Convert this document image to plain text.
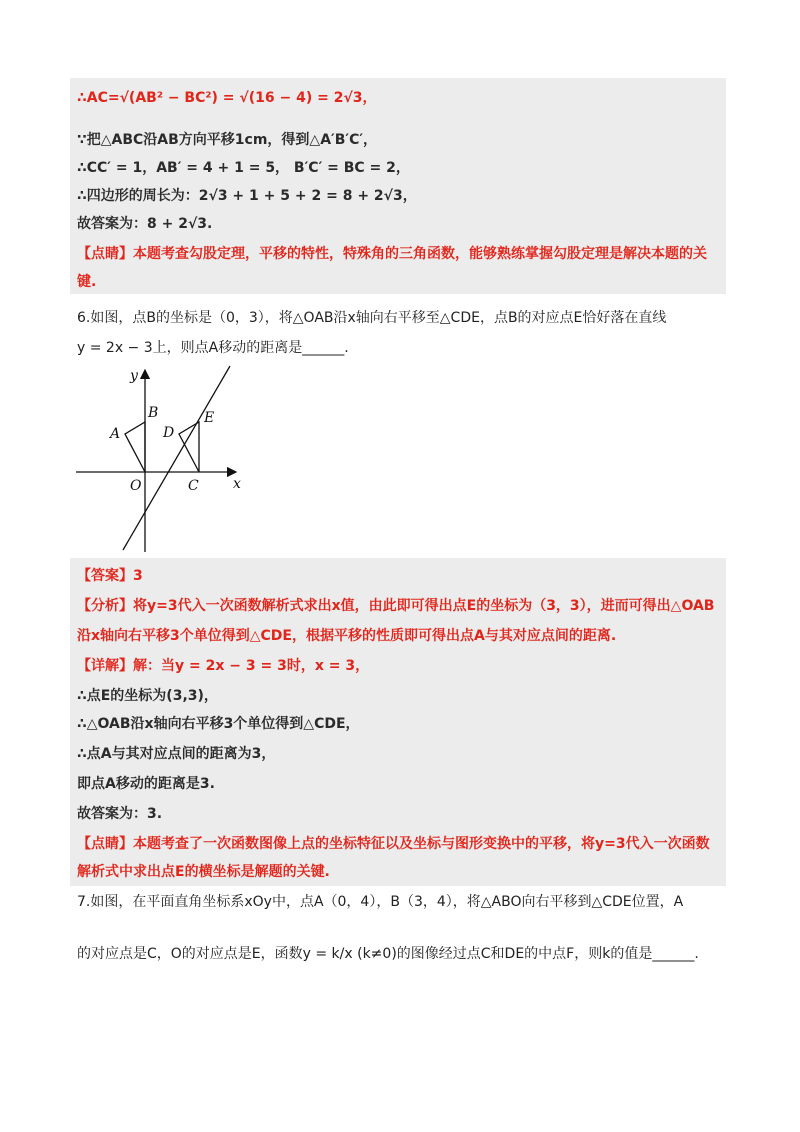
∴AC=√(AB² − BC²) = √(16 − 4) = 2√3，
∵把△ABC沿AB方向平移1cm，得到△A′B′C′，
∴CC′ = 1，AB′ = 4 + 1 = 5， B′C′ = BC = 2，
∴四边形的周长为：2√3 + 1 + 5 + 2 = 8 + 2√3，
故答案为：8 + 2√3.
【点睛】本题考查勾股定理，平移的特性，特殊角的三角函数，能够熟练掌握勾股定理是解决本题的关
键.
6.如图，点B的坐标是（0，3），将△OAB沿x轴向右平移至△CDE，点B的对应点E恰好落在直线
y = 2x − 3上，则点A移动的距离是______.
y
x
O
A
B
C
D
E
【答案】3
【分析】将y=3代入一次函数解析式求出x值，由此即可得出点E的坐标为（3，3），进而可得出△OAB
沿x轴向右平移3个单位得到△CDE，根据平移的性质即可得出点A与其对应点间的距离.
【详解】解：当y = 2x − 3 = 3时，x = 3，
∴点E的坐标为(3,3)，
∴△OAB沿x轴向右平移3个单位得到△CDE，
∴点A与其对应点间的距离为3，
即点A移动的距离是3.
故答案为：3.
【点睛】本题考查了一次函数图像上点的坐标特征以及坐标与图形变换中的平移，将y=3代入一次函数
解析式中求出点E的横坐标是解题的关键.
7.如图，在平面直角坐标系xOy中，点A（0，4），B（3，4），将△ABO向右平移到△CDE位置，A
的对应点是C，O的对应点是E，函数y = k/x (k≠0)的图像经过点C和DE的中点F，则k的值是______.
